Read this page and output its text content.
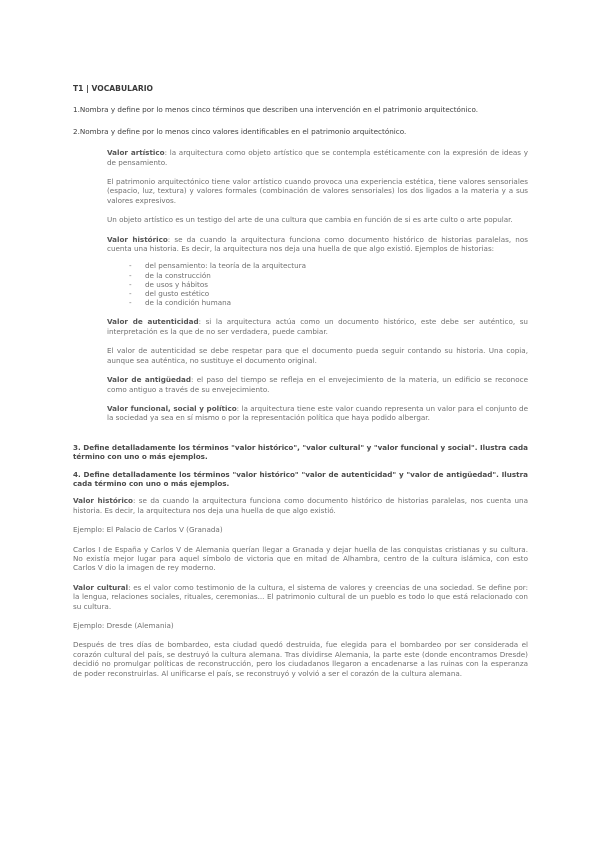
T1 | VOCABULARIO

1.Nombra y define por lo menos cinco términos que describen una intervención en el patrimonio arquitectónico.

2.Nombra y define por lo menos cinco valores identificables en el patrimonio arquitectónico.

Valor artístico: la arquitectura como objeto artístico que se contempla estéticamente con la expresión de ideas y de pensamiento.

El patrimonio arquitectónico tiene valor artístico cuando provoca una experiencia estética, tiene valores sensoriales (espacio, luz, textura) y valores formales (combinación de valores sensoriales) los dos ligados a la materia y a sus valores expresivos.

Un objeto artístico es un testigo del arte de una cultura que cambia en función de si es arte culto o arte popular.

Valor histórico: se da cuando la arquitectura funciona como documento histórico de historias paralelas, nos cuenta una historia. Es decir, la arquitectura nos deja una huella de que algo existió. Ejemplos de historias:

- del pensamiento: la teoría de la arquitectura
- de la construcción
- de usos y hábitos
- del gusto estético
- de la condición humana

Valor de autenticidad: si la arquitectura actúa como un documento histórico, este debe ser auténtico, su interpretación es la que de no ser verdadera, puede cambiar.

El valor de autenticidad se debe respetar para que el documento pueda seguir contando su historia. Una copia, aunque sea auténtica, no sustituye el documento original.

Valor de antigüedad: el paso del tiempo se refleja en el envejecimiento de la materia, un edificio se reconoce como antiguo a través de su envejecimiento.

Valor funcional, social y político: la arquitectura tiene este valor cuando representa un valor para el conjunto de la sociedad ya sea en sí mismo o por la representación política que haya podido albergar.

3. Define detalladamente los términos "valor histórico", "valor cultural" y "valor funcional y social". Ilustra cada término con uno o más ejemplos.

4. Define detalladamente los términos "valor histórico" "valor de autenticidad" y "valor de antigüedad". Ilustra cada término con uno o más ejemplos.

Valor histórico: se da cuando la arquitectura funciona como documento histórico de historias paralelas, nos cuenta una historia. Es decir, la arquitectura nos deja una huella de que algo existió.

Ejemplo: El Palacio de Carlos V (Granada)

Carlos I de España y Carlos V de Alemania querían llegar a Granada y dejar huella de las conquistas cristianas y su cultura. No existía mejor lugar para aquel símbolo de victoria que en mitad de Alhambra, centro de la cultura islámica, con esto Carlos V dio la imagen de rey moderno.

Valor cultural: es el valor como testimonio de la cultura, el sistema de valores y creencias de una sociedad. Se define por: la lengua, relaciones sociales, rituales, ceremonias... El patrimonio cultural de un pueblo es todo lo que está relacionado con su cultura.

Ejemplo: Dresde (Alemania)

Después de tres días de bombardeo, esta ciudad quedó destruida, fue elegida para el bombardeo por ser considerada el corazón cultural del país, se destruyó la cultura alemana. Tras dividirse Alemania, la parte este (donde encontramos Dresde) decidió no promulgar políticas de reconstrucción, pero los ciudadanos llegaron a encadenarse a las ruinas con la esperanza de poder reconstruirlas. Al unificarse el país, se reconstruyó y volvió a ser el corazón de la cultura alemana.
